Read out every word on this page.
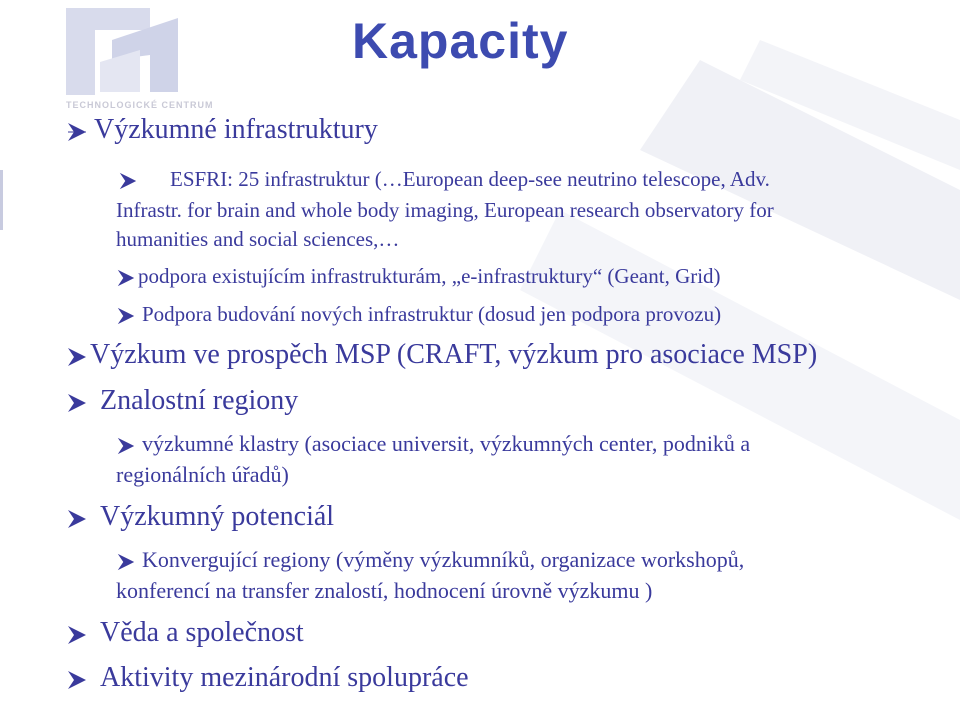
Kapacity
TECHNOLOGICKÉ CENTRUM
Výzkumné infrastruktury
ESFRI: 25 infrastruktur (…European deep-see neutrino telescope, Adv.
Infrastr. for brain and whole body imaging, European research observatory for
humanities and social sciences,…
podpora existujícím infrastrukturám, „e-infrastruktury“ (Geant, Grid)
Podpora budování nových infrastruktur (dosud jen podpora provozu)
Výzkum ve prospěch MSP (CRAFT, výzkum pro asociace MSP)
Znalostní regiony
výzkumné klastry (asociace universit, výzkumných center, podniků a
regionálních úřadů)
Výzkumný potenciál
Konvergující regiony (výměny výzkumníků, organizace workshopů,
konferencí na transfer znalostí, hodnocení úrovně výzkumu )
Věda a společnost
Aktivity mezinárodní spolupráce
